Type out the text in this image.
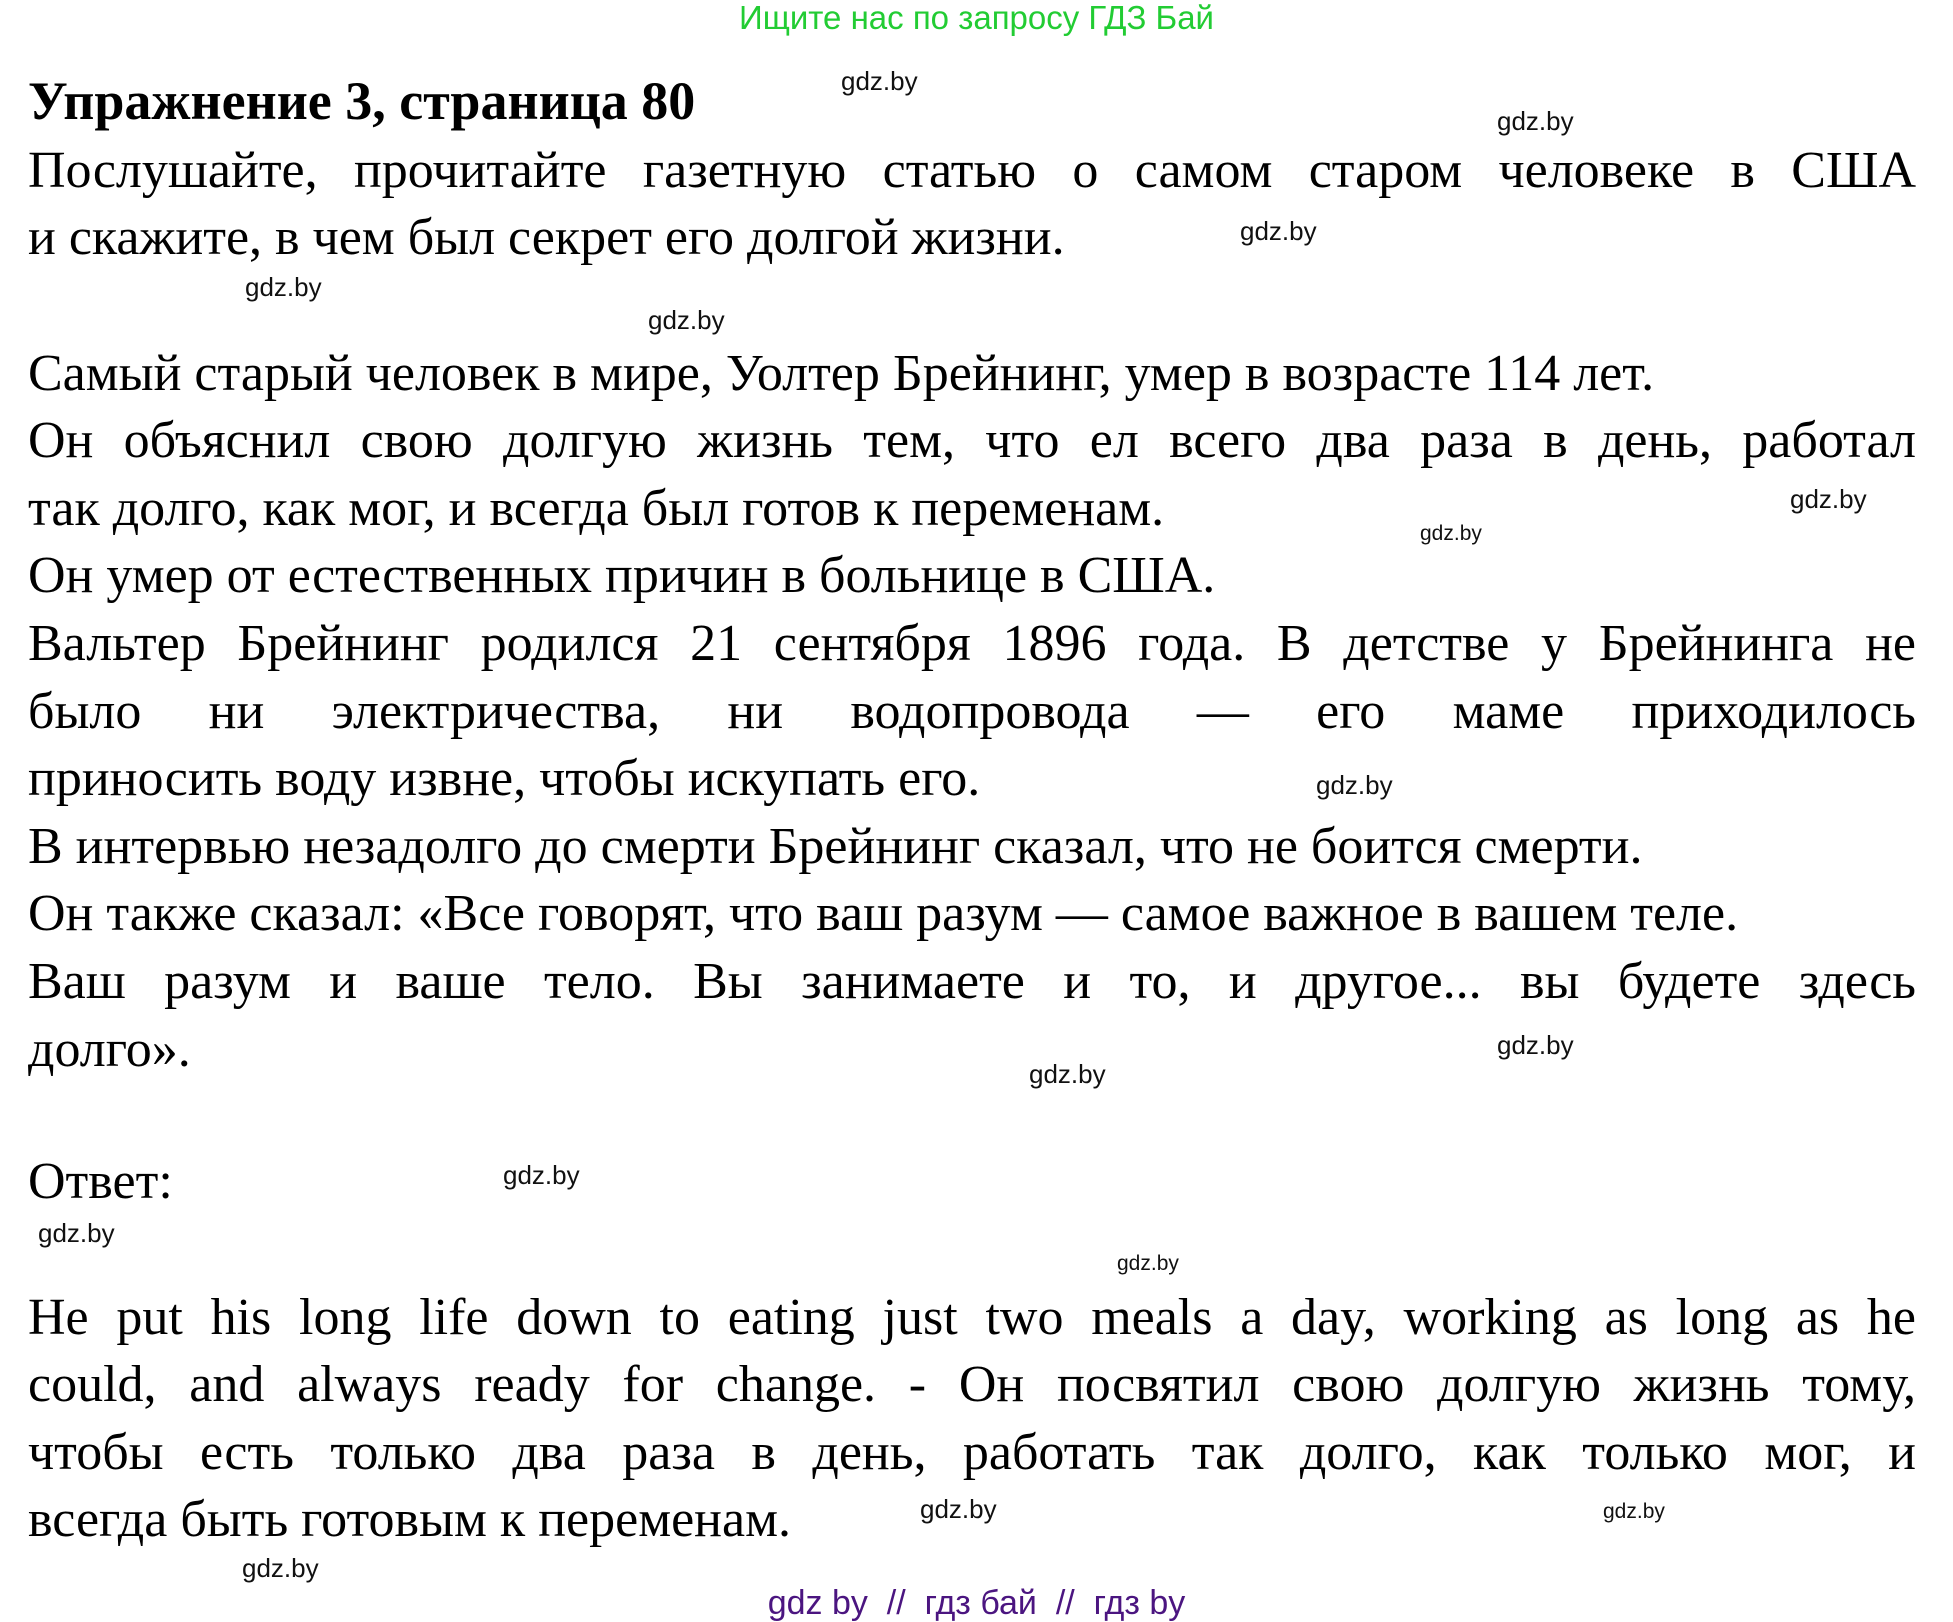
Ищите нас по запросу ГДЗ Бай
Упражнение 3, страница 80
Послушайте, прочитайте газетную статью о самом старом человеке в США
и скажите, в чем был секрет его долгой жизни.
Самый старый человек в мире, Уолтер Брейнинг, умер в возрасте 114 лет.
Он объяснил свою долгую жизнь тем, что ел всего два раза в день, работал
так долго, как мог, и всегда был готов к переменам.
Он умер от естественных причин в больнице в США.
Вальтер Брейнинг родился 21 сентября 1896 года. В детстве у Брейнинга не
было ни электричества, ни водопровода — его маме приходилось
приносить воду извне, чтобы искупать его.
В интервью незадолго до смерти Брейнинг сказал, что не боится смерти.
Он также сказал: «Все говорят, что ваш разум — самое важное в вашем теле.
Ваш разум и ваше тело. Вы занимаете и то, и другое... вы будете здесь
долго».
Ответ:
He put his long life down to eating just two meals a day, working as long as he
could, and always ready for change. - Он посвятил свою долгую жизнь тому,
чтобы есть только два раза в день, работать так долго, как только мог, и
всегда быть готовым к переменам.
gdz.by
gdz.by
gdz.by
gdz.by
gdz.by
gdz.by
gdz.by
gdz.by
gdz.by
gdz.by
gdz.by
gdz.by
gdz.by
gdz.by
gdz.by
gdz.by
gdz by  //  гдз бай  //  гдз by
